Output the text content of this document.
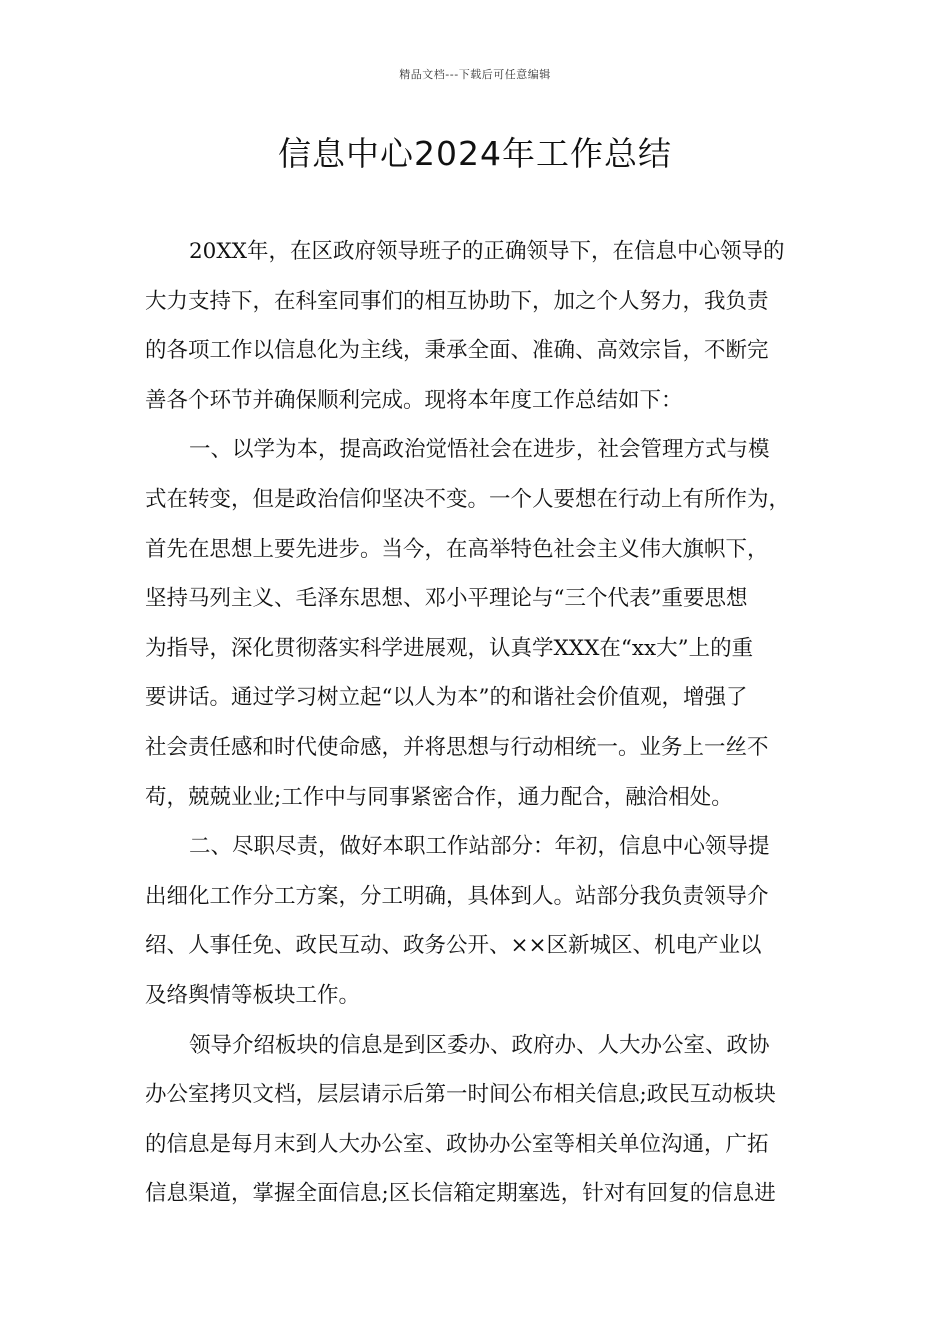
精品文档---下载后可任意编辑
信息中心2024年工作总结
20XX年，在区政府领导班子的正确领导下，在信息中心领导的
大力支持下，在科室同事们的相互协助下，加之个人努力，我负责
的各项工作以信息化为主线，秉承全面、准确、高效宗旨，不断完
善各个环节并确保顺利完成。现将本年度工作总结如下：
一、以学为本，提高政治觉悟社会在进步，社会管理方式与模
式在转变，但是政治信仰坚决不变。一个人要想在行动上有所作为，
首先在思想上要先进步。当今，在高举特色社会主义伟大旗帜下，
坚持马列主义、毛泽东思想、邓小平理论与“三个代表”重要思想
为指导，深化贯彻落实科学进展观，认真学XXX在“xx大”上的重
要讲话。通过学习树立起“以人为本”的和谐社会价值观，增强了
社会责任感和时代使命感，并将思想与行动相统一。业务上一丝不
苟，兢兢业业;工作中与同事紧密合作，通力配合，融洽相处。
二、尽职尽责，做好本职工作站部分：年初，信息中心领导提
出细化工作分工方案，分工明确，具体到人。站部分我负责领导介
绍、人事任免、政民互动、政务公开、××区新城区、机电产业以
及络舆情等板块工作。
领导介绍板块的信息是到区委办、政府办、人大办公室、政协
办公室拷贝文档，层层请示后第一时间公布相关信息;政民互动板块
的信息是每月末到人大办公室、政协办公室等相关单位沟通，广拓
信息渠道，掌握全面信息;区长信箱定期塞选，针对有回复的信息进
